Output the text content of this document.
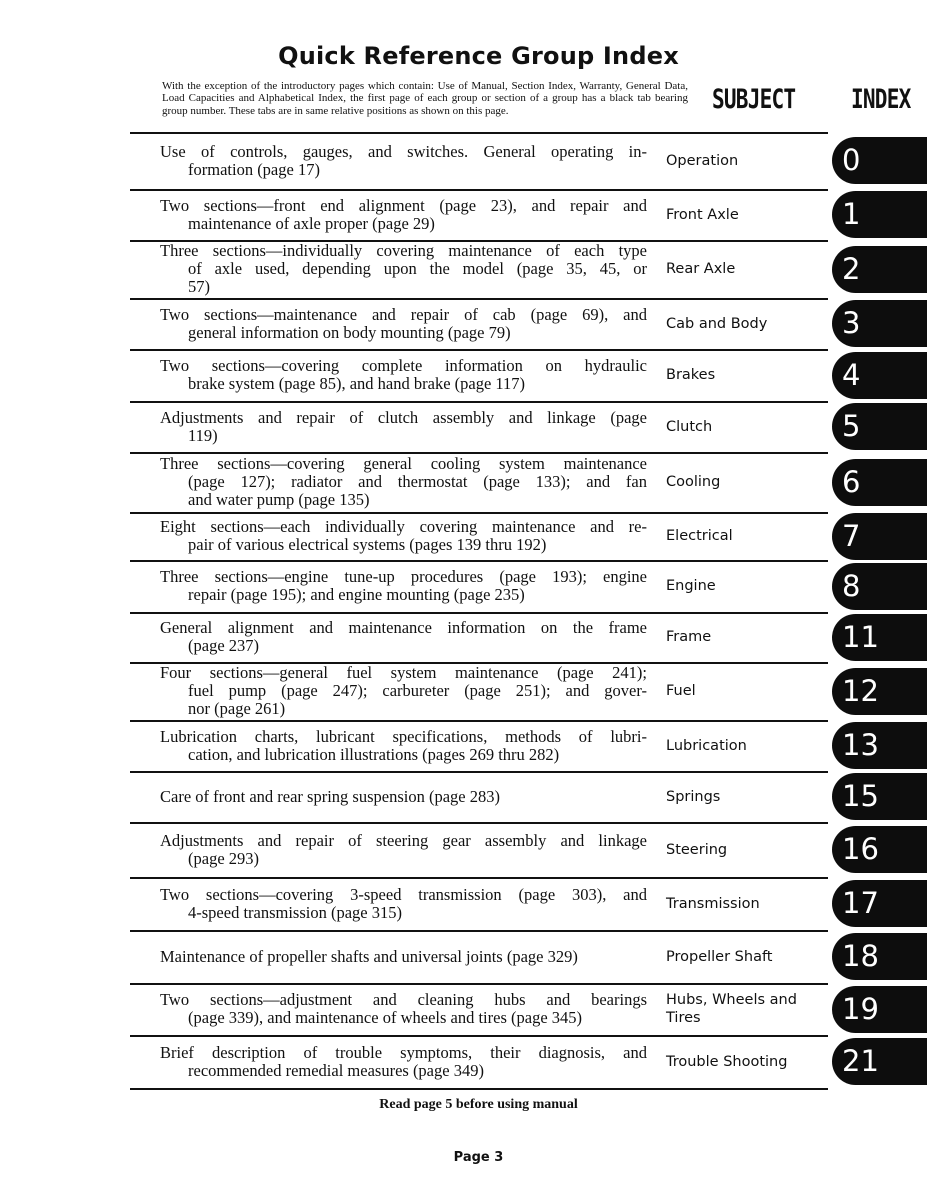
Quick Reference Group Index
With the exception of the introductory pages which contain: Use of Manual, Section Index, Warranty, General Data, Load Capacities and Alphabetical Index, the first page of each group or section of a group has a black tab bearing group number. These tabs are in same relative positions as shown on this page.	SUBJECT INDEX
Use of controls, gauges, and switches. General operating in-
formation (page 17)	Operation	0
Two sections—front end alignment (page 23), and repair and
maintenance of axle proper (page 29)	Front Axle	1
Three sections—individually covering maintenance of each type
of axle used, depending upon the model (page 35, 45, or
57)
Rear Axle	2
Two sections—maintenance and repair of cab (page 69), and
general information on body mounting (page 79)	Cab and Body	3
Two sections—covering complete information on hydraulic
brake system (page 85), and hand brake (page 117)	Brakes	4
Adjustments and repair of clutch assembly and linkage (page
119)	Clutch	5
Three sections—covering general cooling system maintenance
(page 127); radiator and thermostat (page 133); and fan
and water pump (page 135)
Cooling	6
Eight sections—each individually covering maintenance and re-
pair of various electrical systems (pages 139 thru 192)	Electrical	7
Three sections—engine tune-up procedures (page 193); engine
repair (page 195); and engine mounting (page 235)	Engine	8
General alignment and maintenance information on the frame
(page 237)	Frame	11
Four sections—general fuel system maintenance (page 241);
fuel pump (page 247); carbureter (page 251); and gover-
nor (page 261)
Fuel	12
Lubrication charts, lubricant specifications, methods of lubri-
cation, and lubrication illustrations (pages 269 thru 282)	Lubrication	13
Care of front and rear spring suspension (page 283)	Springs	15
Adjustments and repair of steering gear assembly and linkage
(page 293)	Steering	16
Two sections—covering 3-speed transmission (page 303), and
4-speed transmission (page 315)	Transmission	17
Maintenance of propeller shafts and universal joints (page 329)	Propeller Shaft	18
Two sections—adjustment and cleaning hubs and bearings
(page 339), and maintenance of wheels and tires (page 345)
Hubs, Wheels and Tires	19
Brief description of trouble symptoms, their diagnosis, and
recommended remedial measures (page 349)	Trouble Shooting	21
Read page 5 before using manual
Page 3
